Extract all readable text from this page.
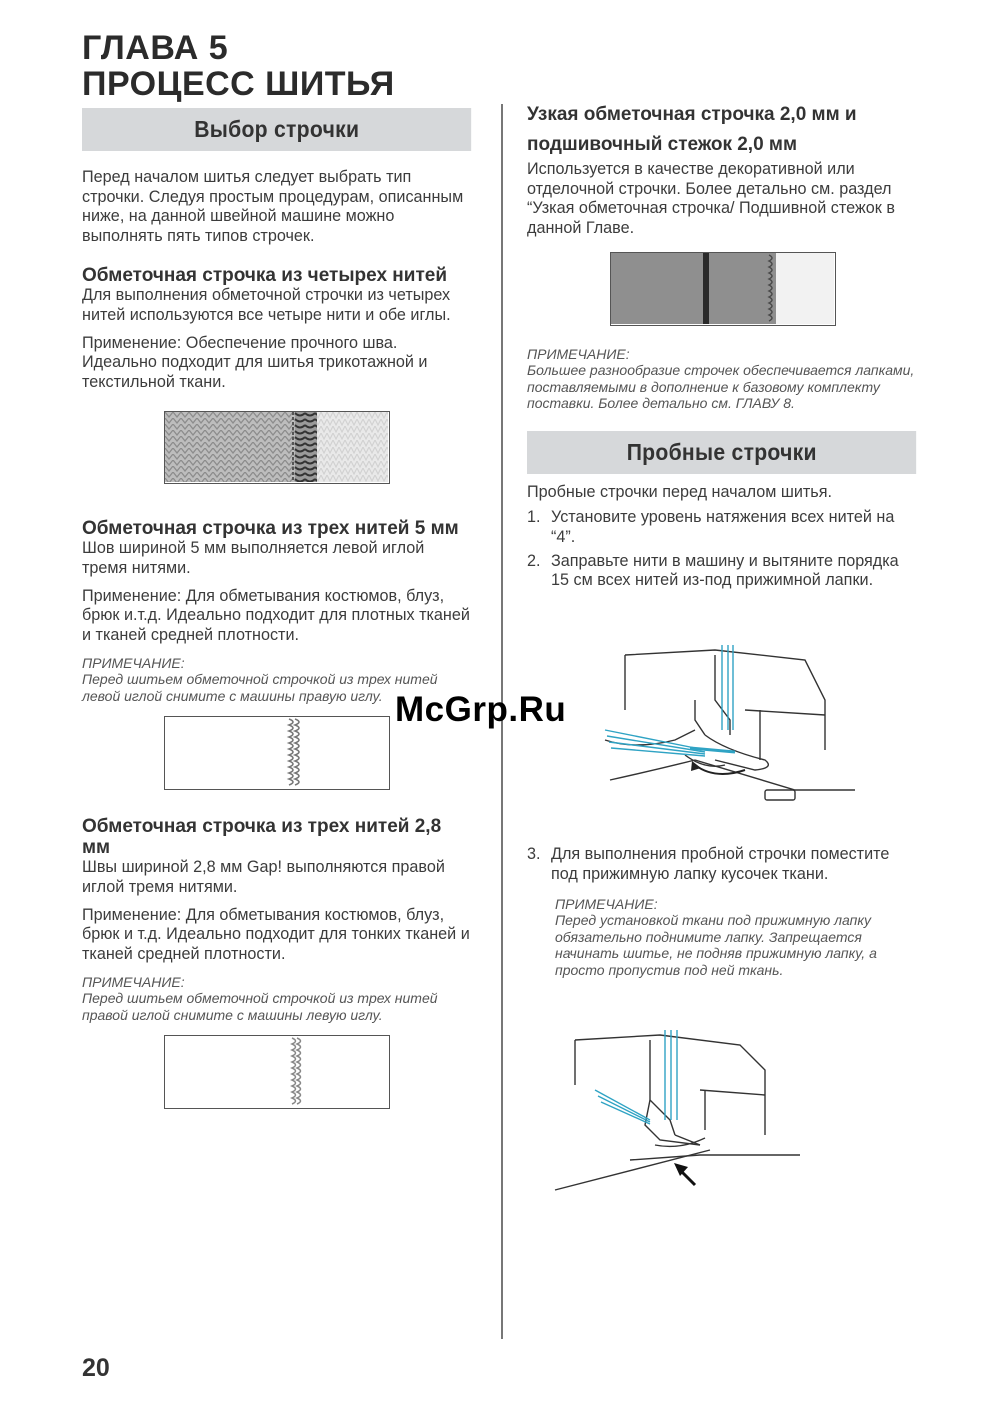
ГЛАВА 5
ПРОЦЕСС ШИТЬЯ
Выбор строчки

Перед началом шитья следует выбрать тип строчки. Следуя простым процедурам, описанным ниже, на данной швейной машине можно выполнять пять типов строчек.

Обметочная строчка из четырех нитей

Для выполнения обметочной строчки из четырех нитей используются все четыре нити и обе иглы.

Применение: Обеспечение прочного шва. Идеально подходит для шитья трикотажной и текстильной ткани.

Обметочная строчка из трех нитей 5 мм

Шов шириной 5 мм выполняется левой иглой тремя нитями.

Применение: Для обметывания костюмов, блуз, брюк и.т.д. Идеально подходит для плотных тканей и тканей средней плотности.

ПРИМЕЧАНИЕ:
Перед шитьем обметочной строчкой из трех нитей левой иглой снимите с машины правую иглу.
Обметочная строчка из трех нитей 2,8 мм

Швы шириной 2,8 мм Gap! выполняются правой иглой тремя нитями.

Применение: Для обметывания костюмов, блуз, брюк и т.д. Идеально подходит для тонких тканей и тканей средней плотности.

ПРИМЕЧАНИЕ:
Перед шитьем обметочной строчкой из трех нитей правой иглой снимите с машины левую иглу.
Узкая обметочная строчка 2,0 мм и
подшивочный стежок 2,0 мм

Используется в качестве декоративной или отделочной строчки. Более детально см. раздел “Узкая обметочная строчка/ Подшивной стежок в данной Главе.

ПРИМЕЧАНИЕ:
Большее разнообразие строчек обеспечивается лапками, поставляемыми в дополнение к базовому комплекту поставки. Более детально см. ГЛАВУ 8.
Пробные строчки

Пробные строчки перед началом шитья.

1. Установите уровень натяжения всех нитей на “4”.
2. Заправьте нити в машину и вытяните порядка 15 см всех нитей из-под прижимной лапки.
3. Для выполнения пробной строчки поместите под прижимную лапку кусочек ткани.
ПРИМЕЧАНИЕ:
Перед установкой ткани под прижимную лапку обязательно поднимите лапку. Запрещается начинать шитье, не подняв прижимную лапку, а просто пропустив под ней ткань.
McGrp.Ru
20
